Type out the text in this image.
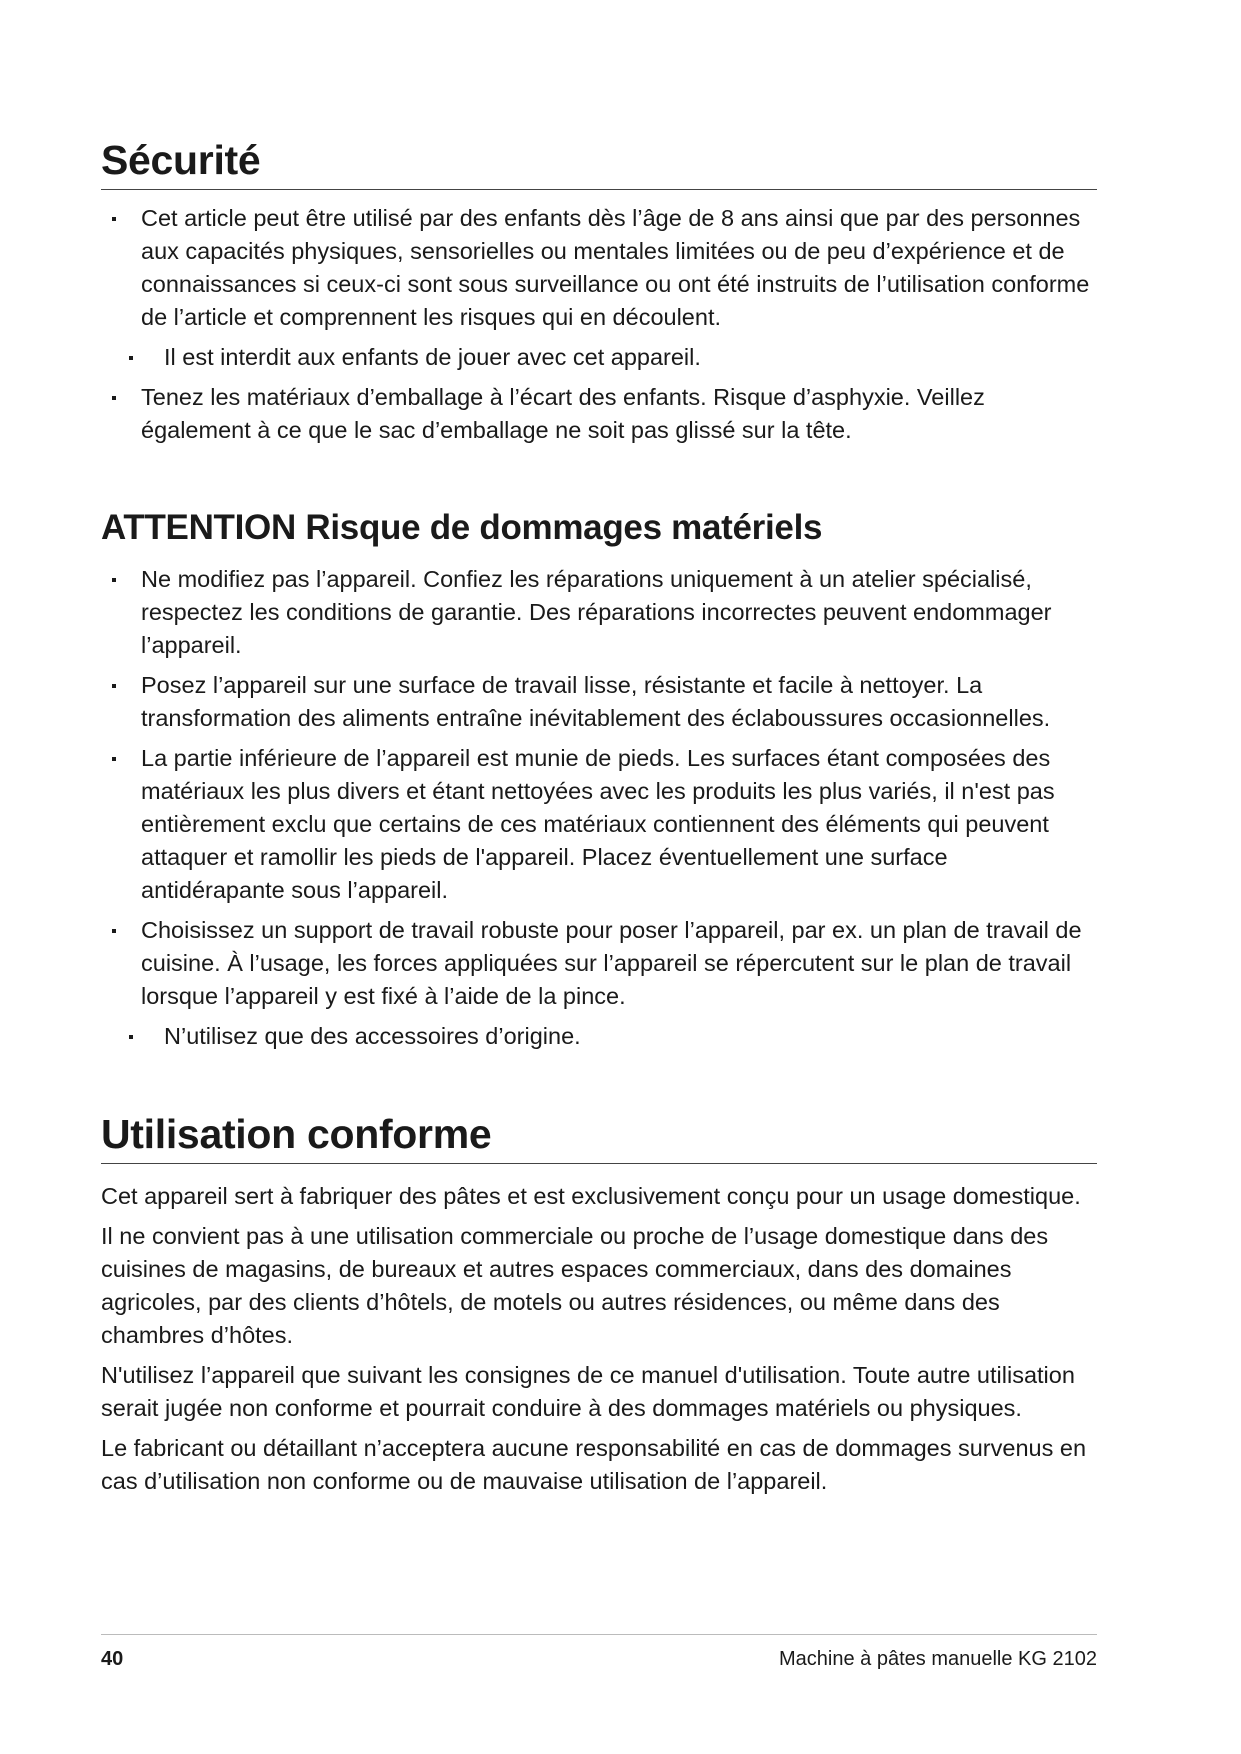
Sécurité
Cet article peut être utilisé par des enfants dès l’âge de 8 ans ainsi que par des personnes aux capacités physiques, sensorielles ou mentales limitées ou de peu d’expérience et de connaissances si ceux-ci sont sous surveillance ou ont été instruits de l’utilisation conforme de l’article et comprennent les risques qui en découlent.
Il est interdit aux enfants de jouer avec cet appareil.
Tenez les matériaux d’emballage à l’écart des enfants. Risque d’asphyxie. Veillez également à ce que le sac d’emballage ne soit pas glissé sur la tête.
ATTENTION Risque de dommages matériels
Ne modifiez pas l’appareil. Confiez les réparations uniquement à un atelier spécialisé, respectez les conditions de garantie. Des réparations incorrectes peuvent endommager l’appareil.
Posez l’appareil sur une surface de travail lisse, résistante et facile à nettoyer. La transformation des aliments entraîne inévitablement des éclaboussures occasionnelles.
La partie inférieure de l’appareil est munie de pieds. Les surfaces étant composées des matériaux les plus divers et étant nettoyées avec les produits les plus variés, il n'est pas entièrement exclu que certains de ces matériaux contiennent des éléments qui peuvent attaquer et ramollir les pieds de l'appareil. Placez éventuellement une surface antidérapante sous l’appareil.
Choisissez un support de travail robuste pour poser l’appareil, par ex. un plan de travail de cuisine. À l’usage, les forces appliquées sur l’appareil se répercutent sur le plan de travail lorsque l’appareil y est fixé à l’aide de la pince.
N’utilisez que des accessoires d’origine.
Utilisation conforme

Cet appareil sert à fabriquer des pâtes et est exclusivement conçu pour un usage domestique.

Il ne convient pas à une utilisation commerciale ou proche de l’usage domestique dans des cuisines de magasins, de bureaux et autres espaces commerciaux, dans des domaines agricoles, par des clients d’hôtels, de motels ou autres résidences, ou même dans des chambres d’hôtes.

N'utilisez l’appareil que suivant les consignes de ce manuel d'utilisation. Toute autre utilisation serait jugée non conforme et pourrait conduire à des dommages matériels ou physiques.

Le fabricant ou détaillant n’acceptera aucune responsabilité en cas de dommages survenus en cas d’utilisation non conforme ou de mauvaise utilisation de l’appareil.

40	Machine à pâtes manuelle KG 2102
